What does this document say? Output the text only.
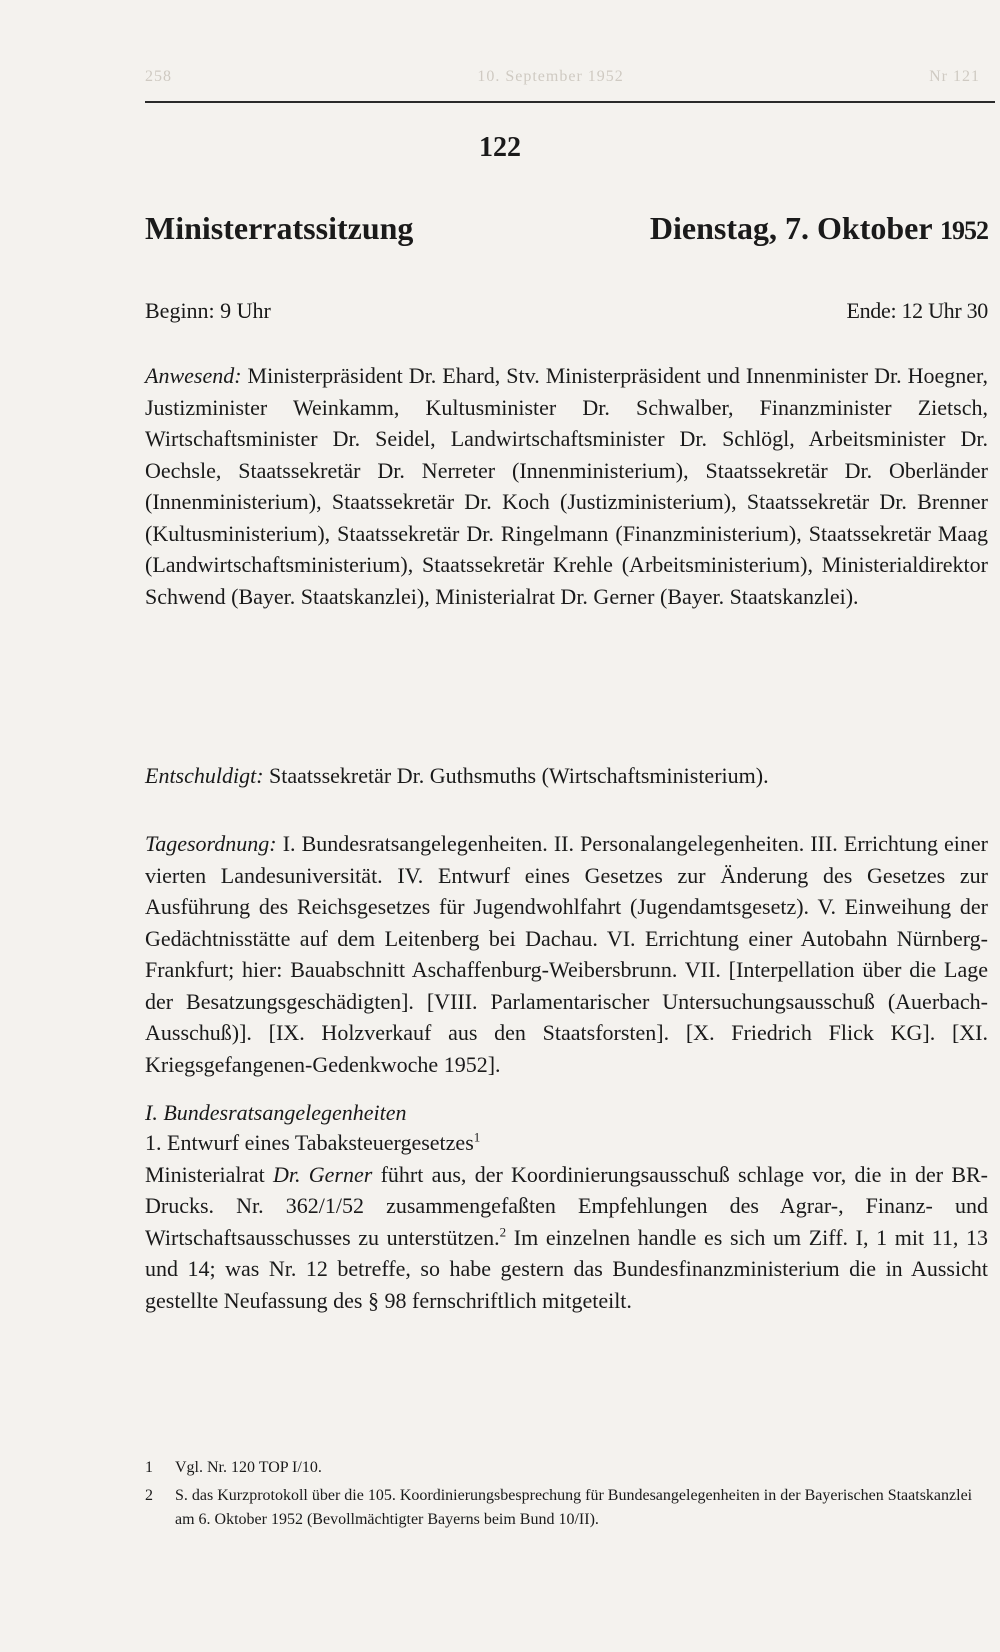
258	10. September 1952	Nr 121
122
Ministerratssitzung	Dienstag, 7. Oktober 1952
Beginn: 9 Uhr	Ende: 12 Uhr 30

Anwesend: Ministerpräsident Dr. Ehard, Stv. Ministerpräsident und Innenminister Dr. Hoegner, Justizminister Weinkamm, Kultusminister Dr. Schwalber, Finanzminister Zietsch, Wirtschaftsminister Dr. Seidel, Landwirtschaftsminister Dr. Schlögl, Arbeitsminister Dr. Oechsle, Staatssekretär Dr. Nerreter (Innenministerium), Staatssekretär Dr. Oberländer (Innenministerium), Staatssekretär Dr. Koch (Justizministerium), Staatssekretär Dr. Brenner (Kultusministerium), Staatssekretär Dr. Ringelmann (Finanzministerium), Staatssekretär Maag (Landwirtschaftsministerium), Staatssekretär Krehle (Arbeitsministerium), Ministerialdirektor Schwend (Bayer. Staatskanzlei), Ministerialrat Dr. Gerner (Bayer. Staatskanzlei).

Entschuldigt: Staatssekretär Dr. Guthsmuths (Wirtschaftsministerium).

Tagesordnung: I. Bundesratsangelegenheiten. II. Personalangelegenheiten. III. Errichtung einer vierten Landesuniversität. IV. Entwurf eines Gesetzes zur Änderung des Gesetzes zur Ausführung des Reichsgesetzes für Jugendwohlfahrt (Jugendamtsgesetz). V. Einweihung der Gedächtnisstätte auf dem Leitenberg bei Dachau. VI. Errichtung einer Autobahn Nürnberg-Frankfurt; hier: Bauabschnitt Aschaffenburg-Weibersbrunn. VII. [Interpellation über die Lage der Besatzungsgeschädigten]. [VIII. Parlamentarischer Untersuchungsausschuß (Auerbach-Ausschuß)]. [IX. Holzverkauf aus den Staatsforsten]. [X. Friedrich Flick KG]. [XI. Kriegsgefangenen-Gedenkwoche 1952].

I. Bundesratsangelegenheiten

1. Entwurf eines Tabaksteuergesetzes$^1$
Ministerialrat Dr. Gerner führt aus, der Koordinierungsausschuß schlage vor, die in der BR-Drucks. Nr. 362/1/52 zusammengefaßten Empfehlungen des Agrar-, Finanz- und Wirtschaftsausschusses zu unterstützen.$^2$ Im einzelnen handle es sich um Ziff. I, 1 mit 11, 13 und 14; was Nr. 12 betreffe, so habe gestern das Bundesfinanzministerium die in Aussicht gestellte Neufassung des § 98 fernschriftlich mitgeteilt.
1 Vgl. Nr. 120 TOP I/10.
2 S. das Kurzprotokoll über die 105. Koordinierungsbesprechung für Bundesangelegenheiten in der Bayerischen Staatskanzlei am 6. Oktober 1952 (Bevollmächtigter Bayerns beim Bund 10/II).
